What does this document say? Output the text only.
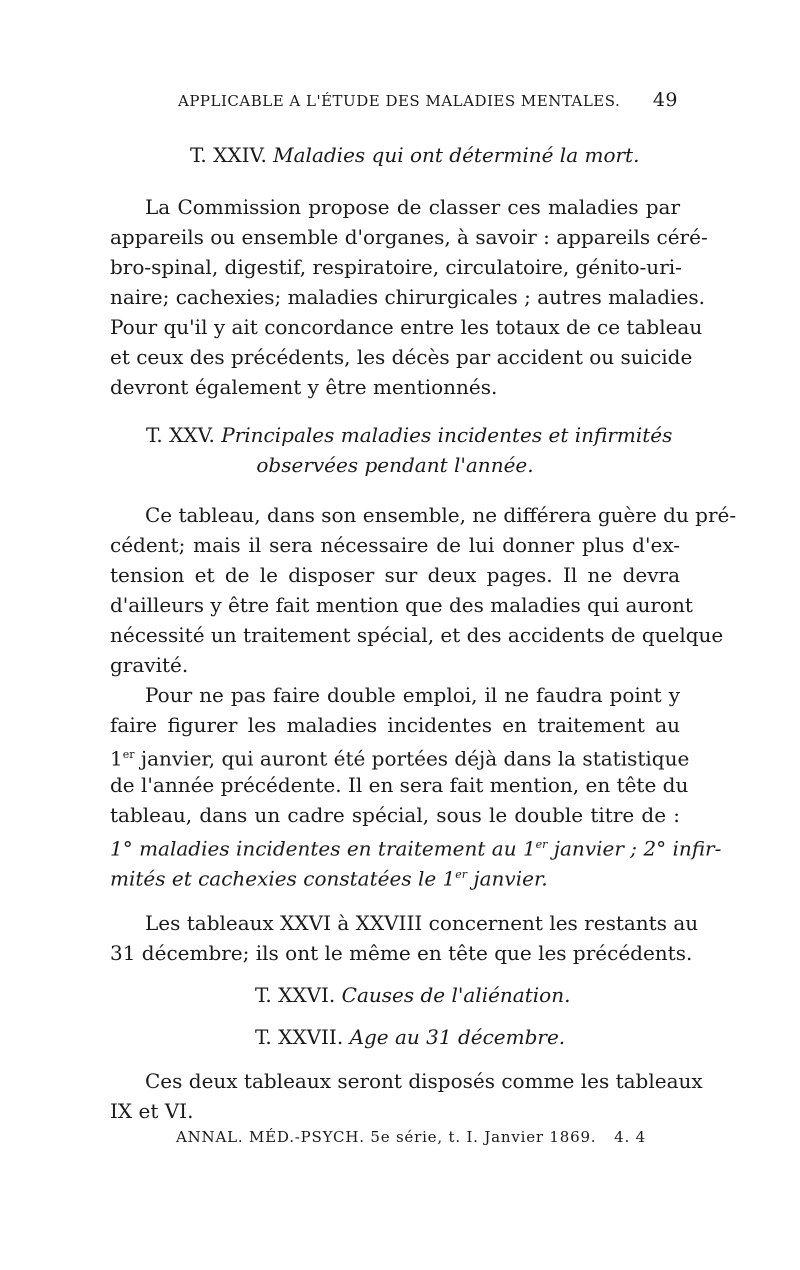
APPLICABLE A L'ÉTUDE DES MALADIES MENTALES. 49
T. XXIV. Maladies qui ont déterminé la mort.
La Commission propose de classer ces maladies par
appareils ou ensemble d'organes, à savoir : appareils céré-
bro-spinal, digestif, respiratoire, circulatoire, génito-uri-
naire; cachexies; maladies chirurgicales ; autres maladies.
Pour qu'il y ait concordance entre les totaux de ce tableau
et ceux des précédents, les décès par accident ou suicide
devront également y être mentionnés.
T. XXV. Principales maladies incidentes et infirmités
observées pendant l'année.
Ce tableau, dans son ensemble, ne différera guère du pré-
cédent; mais il sera nécessaire de lui donner plus d'ex-
tension et de le disposer sur deux pages. Il ne devra
d'ailleurs y être fait mention que des maladies qui auront
nécessité un traitement spécial, et des accidents de quelque
gravité.
Pour ne pas faire double emploi, il ne faudra point y
faire figurer les maladies incidentes en traitement au
1er janvier, qui auront été portées déjà dans la statistique
de l'année précédente. Il en sera fait mention, en tête du
tableau, dans un cadre spécial, sous le double titre de :
1° maladies incidentes en traitement au 1er janvier ; 2° infir-
mités et cachexies constatées le 1er janvier.
Les tableaux XXVI à XXVIII concernent les restants au
31 décembre; ils ont le même en tête que les précédents.
T. XXVI. Causes de l'aliénation.
T. XXVII. Age au 31 décembre.
Ces deux tableaux seront disposés comme les tableaux
IX et VI.
ANNAL. MÉD.-PSYCH. 5e série, t. I. Janvier 1869. 4. 4
